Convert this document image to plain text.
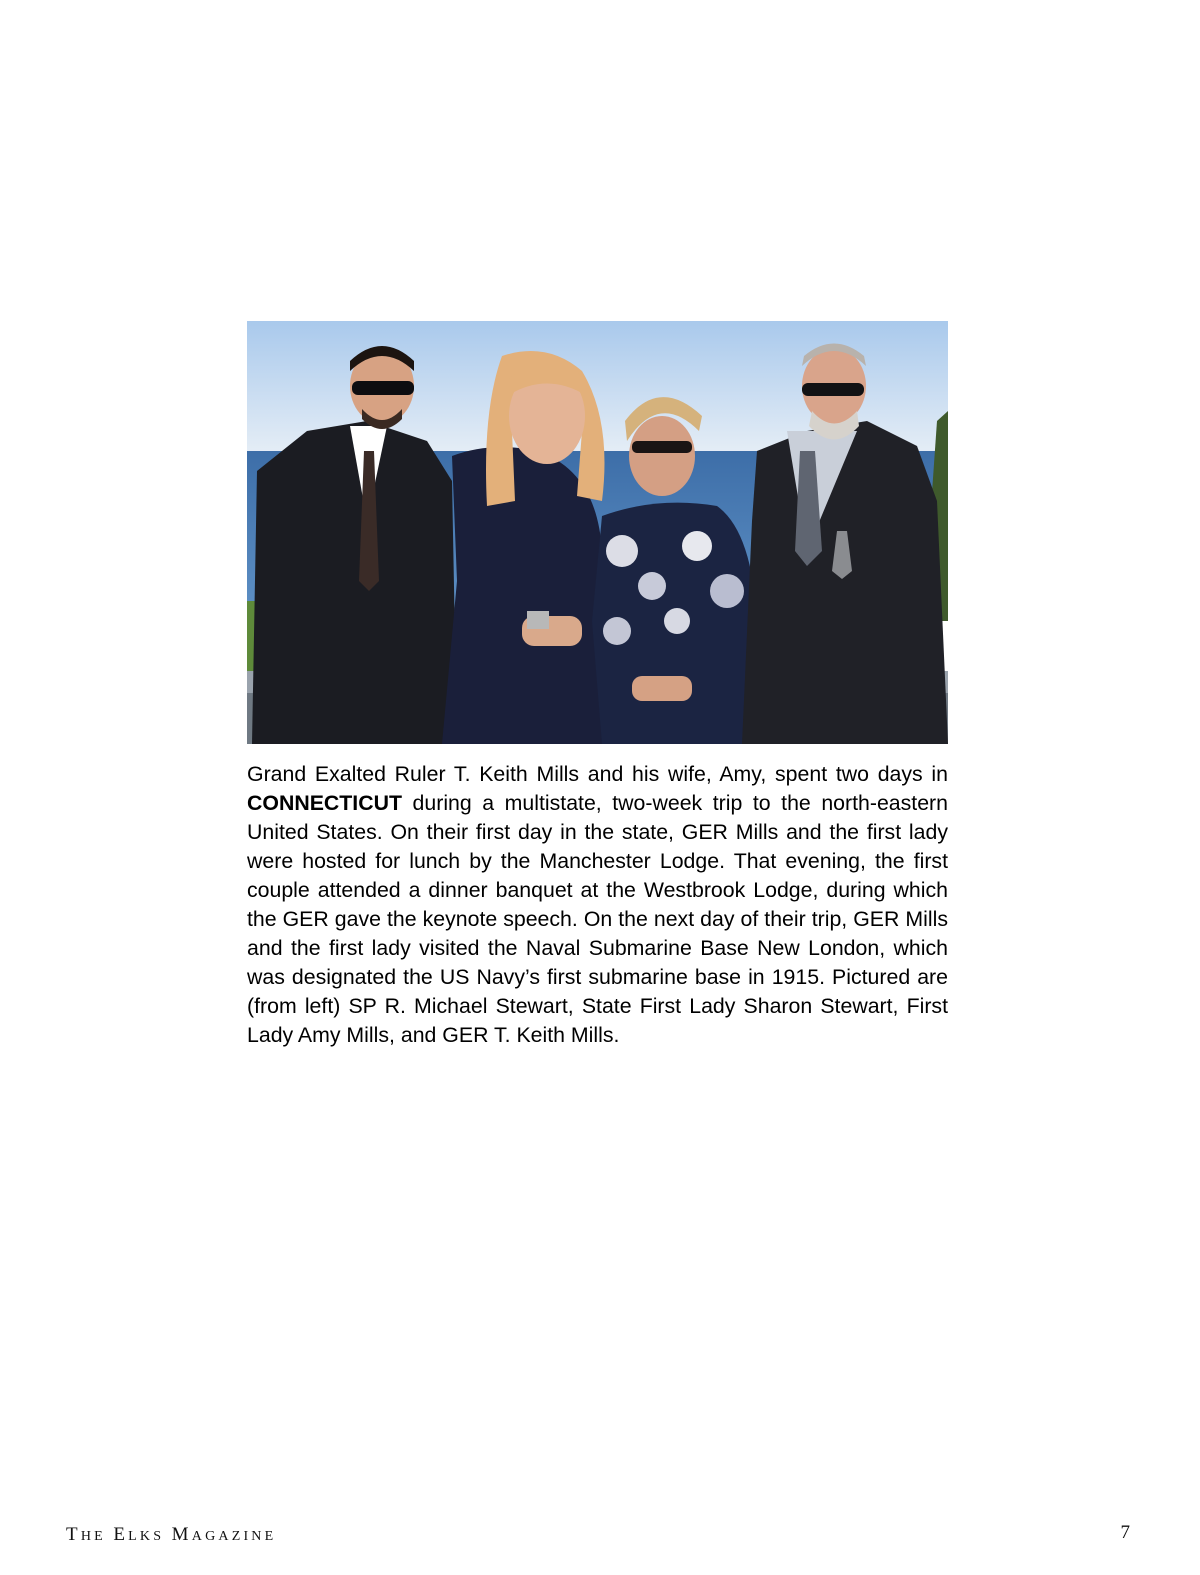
Grand Exalted Ruler T. Keith Mills and his wife, Amy, spent two days in CONNECTICUT during a multistate, two-week trip to the north-eastern United States. On their first day in the state, GER Mills and the first lady were hosted for lunch by the Manchester Lodge. That evening, the first couple attended a dinner banquet at the Westbrook Lodge, during which the GER gave the keynote speech. On the next day of their trip, GER Mills and the first lady visited the Naval Submarine Base New London, which was designated the US Navy’s first submarine base in 1915. Pictured are (from left) SP R. Michael Stewart, State First Lady Sharon Stewart, First Lady Amy Mills, and GER T. Keith Mills.

THE ELKS MAGAZINE	7
